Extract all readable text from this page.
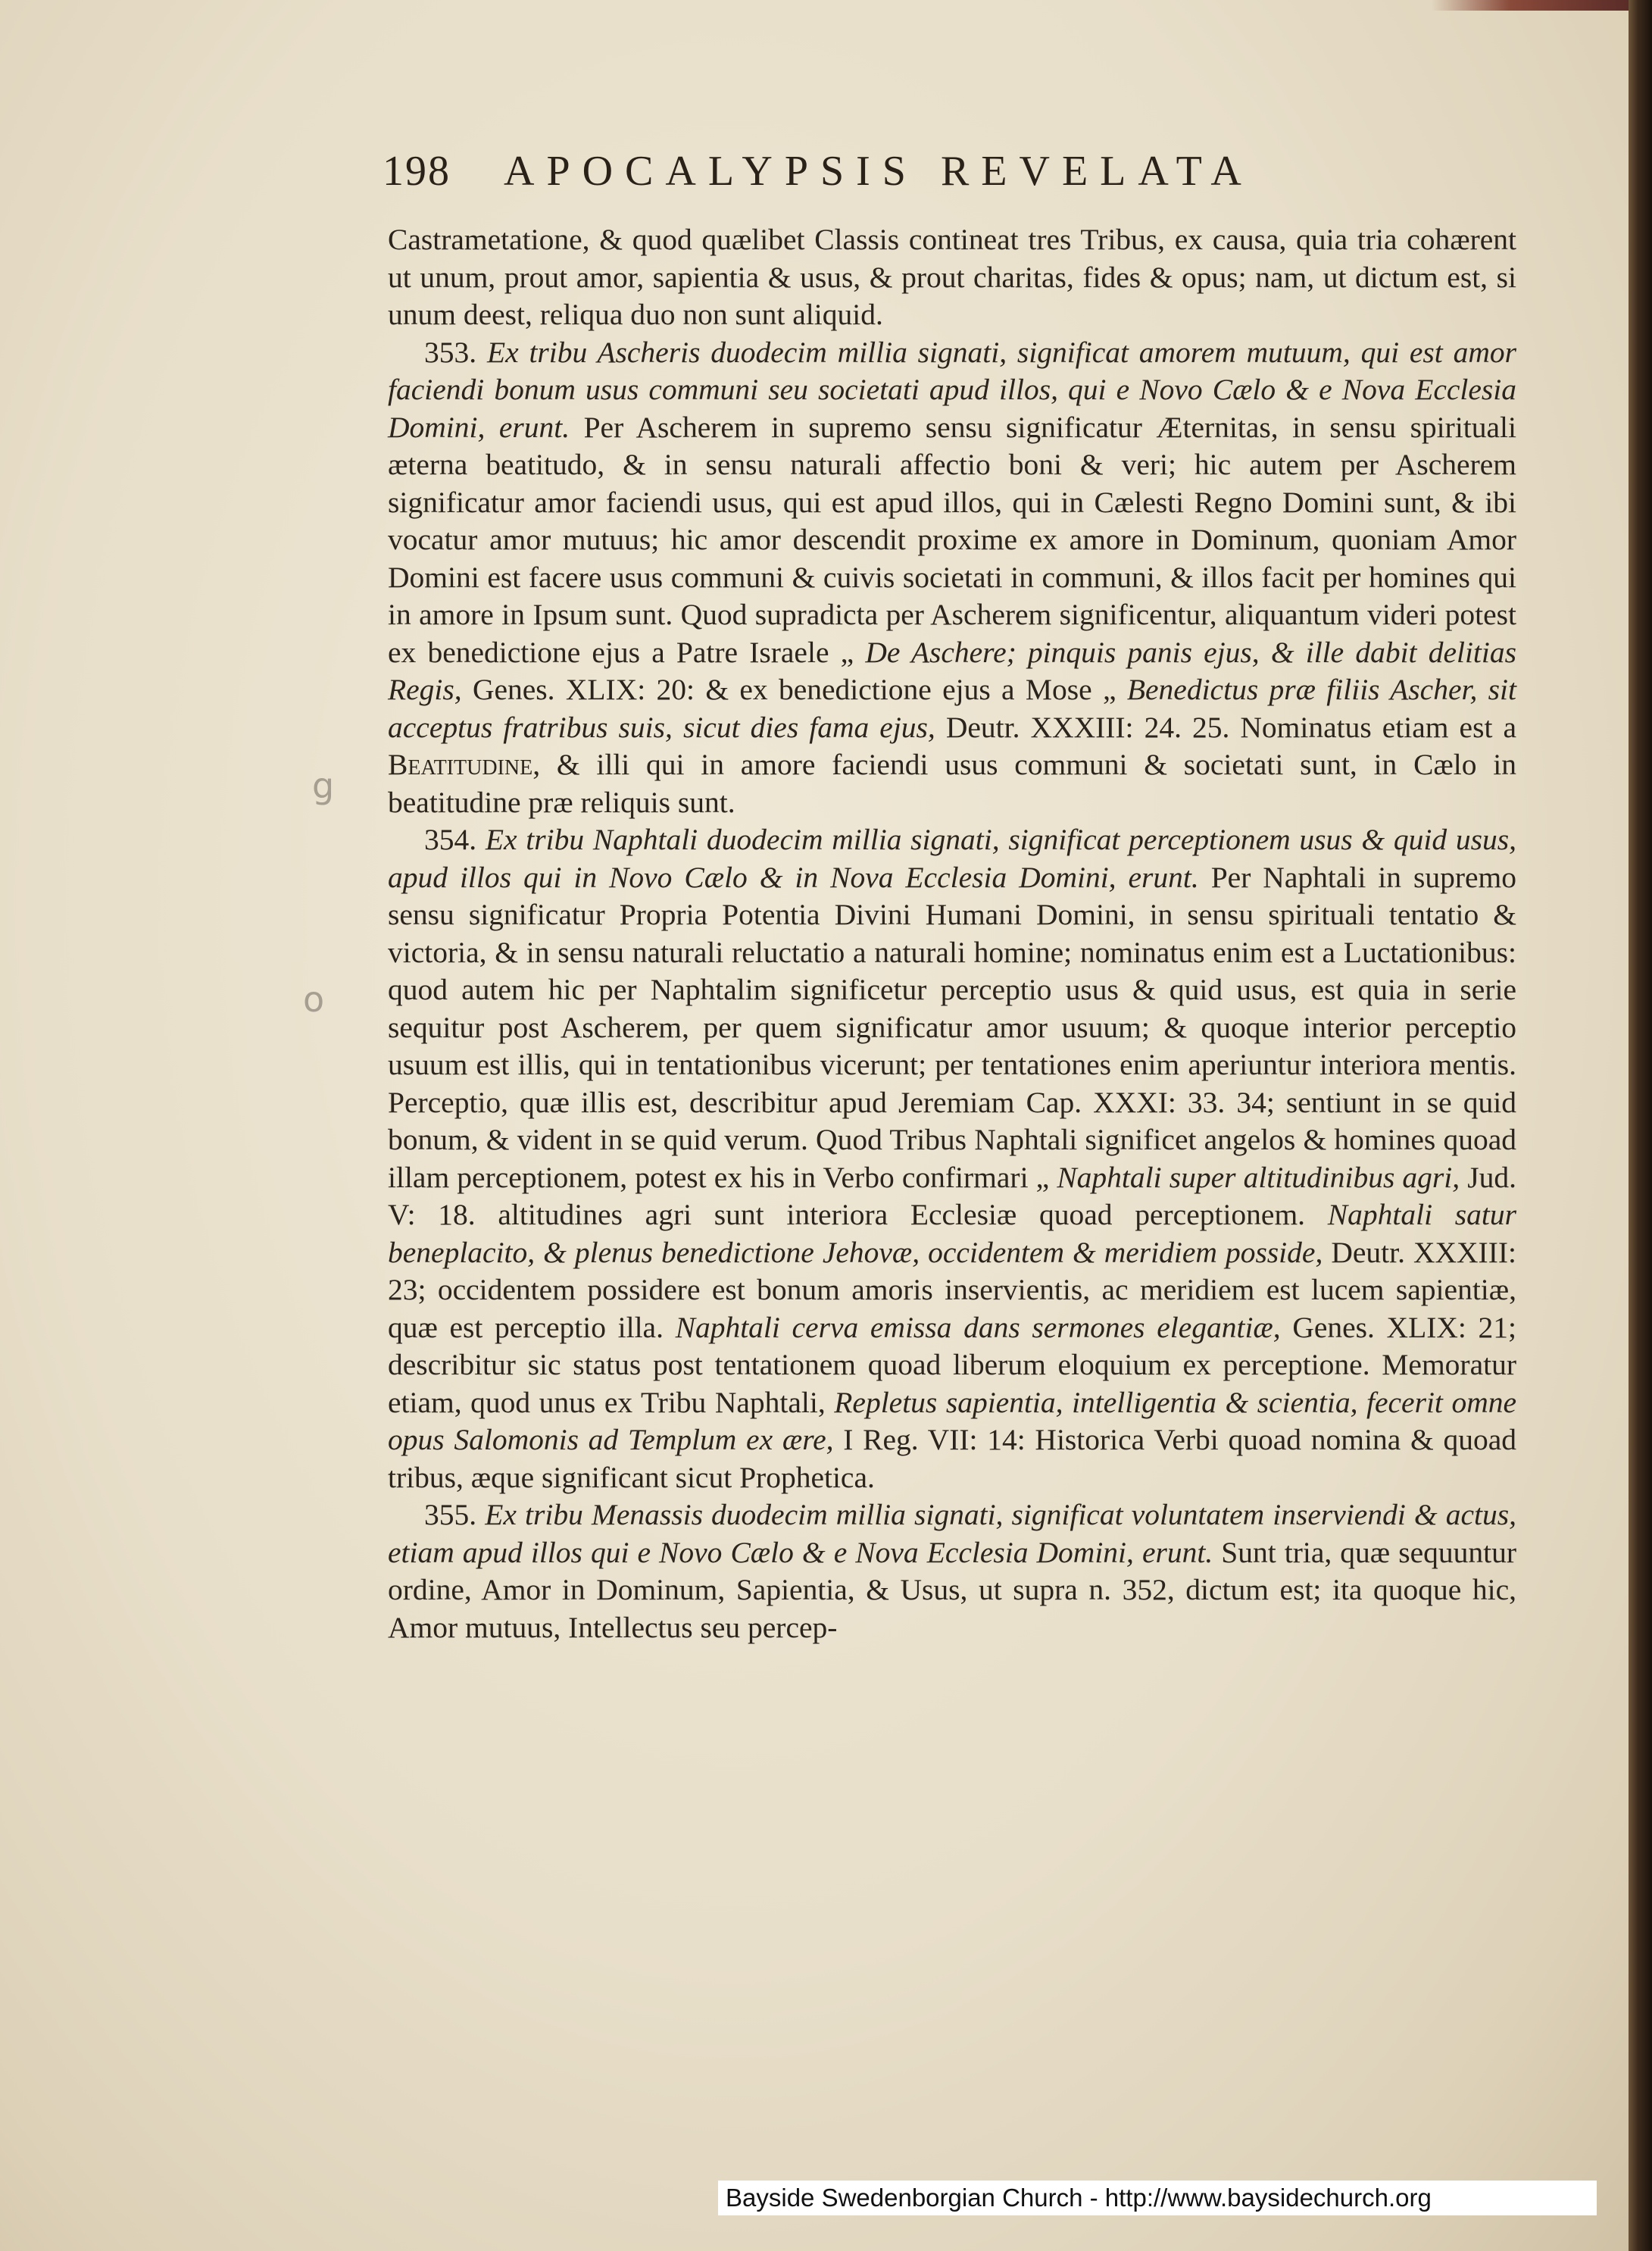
198 APOCALYPSIS REVELATA
g
o

Castrametatione, & quod quælibet Classis contineat tres Tribus, ex causa, quia tria cohærent ut unum, prout amor, sapientia & usus, & prout charitas, fides & opus; nam, ut dictum est, si unum deest, reliqua duo non sunt aliquid.

353. Ex tribu Ascheris duodecim millia signati, significat amorem mutuum, qui est amor faciendi bonum usus communi seu societati apud illos, qui e Novo Cælo & e Nova Ecclesia Domini, erunt. Per Ascherem in supremo sensu significatur Æternitas, in sensu spirituali æterna beatitudo, & in sensu naturali affectio boni & veri; hic autem per Ascherem significatur amor faciendi usus, qui est apud illos, qui in Cælesti Regno Domini sunt, & ibi vocatur amor mutuus; hic amor descendit proxime ex amore in Dominum, quoniam Amor Domini est facere usus communi & cuivis societati in communi, & illos facit per homines qui in amore in Ipsum sunt. Quod supradicta per Ascherem significentur, aliquantum videri potest ex benedictione ejus a Patre Israele „ De Aschere; pinquis panis ejus, & ille dabit delitias Regis, Genes. XLIX: 20: & ex benedictione ejus a Mose „ Benedictus præ filiis Ascher, sit acceptus fratribus suis, sicut dies fama ejus, Deutr. XXXIII: 24. 25. Nominatus etiam est a Beatitudine, & illi qui in amore faciendi usus communi & societati sunt, in Cælo in beatitudine præ reliquis sunt.

354. Ex tribu Naphtali duodecim millia signati, significat perceptionem usus & quid usus, apud illos qui in Novo Cælo & in Nova Ecclesia Domini, erunt. Per Naphtali in supremo sensu significatur Propria Potentia Divini Humani Domini, in sensu spirituali tentatio & victoria, & in sensu naturali reluctatio a naturali homine; nominatus enim est a Luctationibus: quod autem hic per Naphtalim significetur perceptio usus & quid usus, est quia in serie sequitur post Ascherem, per quem significatur amor usuum; & quoque interior perceptio usuum est illis, qui in tentationibus vicerunt; per tentationes enim aperiuntur interiora mentis. Perceptio, quæ illis est, describitur apud Jeremiam Cap. XXXI: 33. 34; sentiunt in se quid bonum, & vident in se quid verum. Quod Tribus Naphtali significet angelos & homines quoad illam perceptionem, potest ex his in Verbo confirmari „ Naphtali super altitudinibus agri, Jud. V: 18. altitudines agri sunt interiora Ecclesiæ quoad perceptionem. Naphtali satur beneplacito, & plenus benedictione Jehovæ, occidentem & meridiem posside, Deutr. XXXIII: 23; occidentem possidere est bonum amoris inservientis, ac meridiem est lucem sapientiæ, quæ est perceptio illa. Naphtali cerva emissa dans sermones elegantiæ, Genes. XLIX: 21; describitur sic status post tentationem quoad liberum eloquium ex perceptione. Memoratur etiam, quod unus ex Tribu Naphtali, Repletus sapientia, intelligentia & scientia, fecerit omne opus Salomonis ad Templum ex ære, I Reg. VII: 14: Historica Verbi quoad nomina & quoad tribus, æque significant sicut Prophetica.

355. Ex tribu Menassis duodecim millia signati, significat voluntatem inserviendi & actus, etiam apud illos qui e Novo Cælo & e Nova Ecclesia Domini, erunt. Sunt tria, quæ sequuntur ordine, Amor in Dominum, Sapientia, & Usus, ut supra n. 352, dictum est; ita quoque hic, Amor mutuus, Intellectus seu percep-

Bayside Swedenborgian Church - http://www.baysidechurch.org
